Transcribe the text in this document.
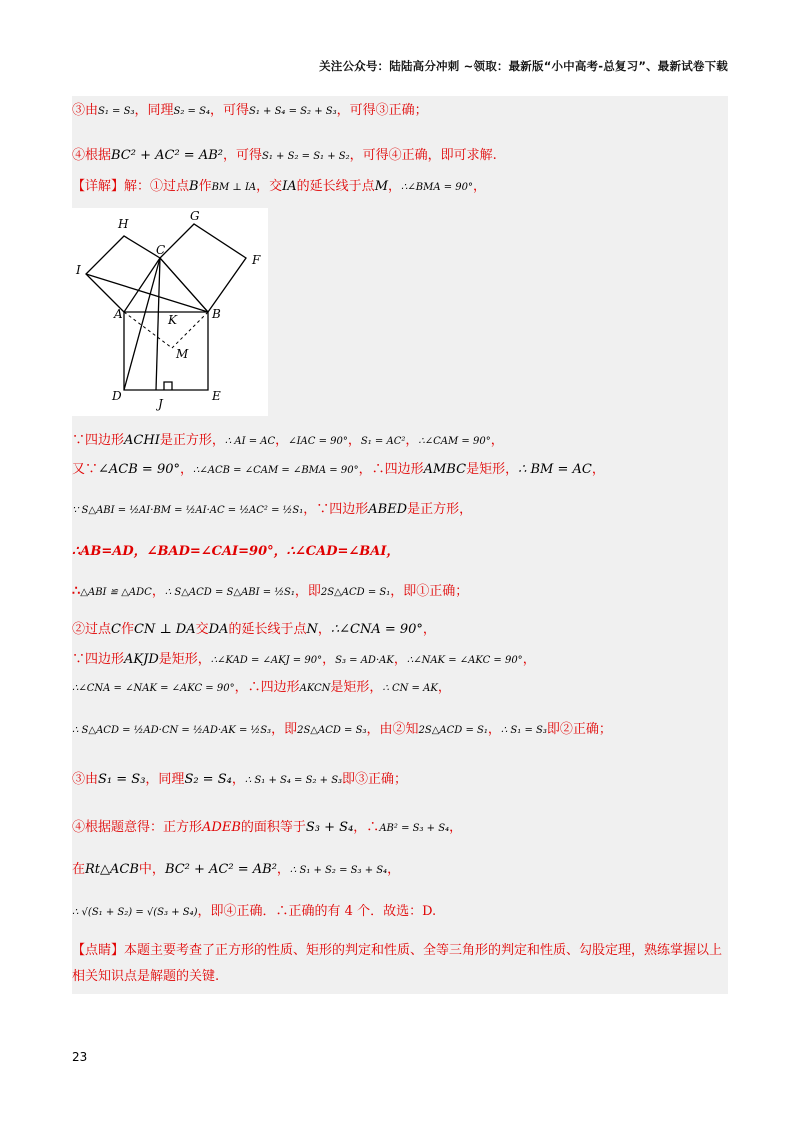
关注公众号：陆陆高分冲刺 ~领取：最新版“小中高考-总复习”、最新试卷下载
③由S₁ = S₃，同理S₂ = S₄，可得S₁ + S₄ = S₂ + S₃，可得③正确；
④根据BC² + AC² = AB²，可得S₁ + S₂ = S₁ + S₂，可得④正确，即可求解.
【详解】解：①过点B作BM ⊥ IA，交IA的延长线于点M，∴∠BMA = 90°，
H
G
C
F
I
A	K	B
M
D
J
E
∵四边形ACHI是正方形，∴ AI = AC，∠IAC = 90°，S₁ = AC²，∴∠CAM = 90°，
又∵∠ACB = 90°，∴∠ACB = ∠CAM = ∠BMA = 90°，∴四边形AMBC是矩形，∴ BM = AC，
∵ S△ABI = ½AI·BM = ½AI·AC = ½AC² = ½S₁，∵四边形ABED是正方形，
∴AB=AD，∠BAD=∠CAI=90°，∴∠CAD=∠BAI，
∴△ABI ≌ △ADC，∴ S△ACD = S△ABI = ½S₁，即2S△ACD = S₁，即①正确；
②过点C作CN ⊥ DA交DA的延长线于点N，∴∠CNA = 90°，
∵四边形AKJD是矩形，∴∠KAD = ∠AKJ = 90°，S₃ = AD·AK，∴∠NAK = ∠AKC = 90°，
∴∠CNA = ∠NAK = ∠AKC = 90°，∴四边形AKCN是矩形，∴ CN = AK，
∴ S△ACD = ½AD·CN = ½AD·AK = ½S₃，即2S△ACD = S₃，由②知2S△ACD = S₁，∴ S₁ = S₃即②正确；
③由S₁ = S₃，同理S₂ = S₄，∴ S₁ + S₄ = S₂ + S₃即③正确；
④根据题意得：正方形ADEB的面积等于S₃ + S₄，∴AB² = S₃ + S₄，
在Rt△ACB中，BC² + AC² = AB²，∴ S₁ + S₂ = S₃ + S₄，
∴ √(S₁ + S₂) = √(S₃ + S₄)，即④正确．∴正确的有 4 个．故选：D.
【点睛】本题主要考查了正方形的性质、矩形的判定和性质、全等三角形的判定和性质、勾股定理，熟练掌握以上相关知识点是解题的关键.
23
